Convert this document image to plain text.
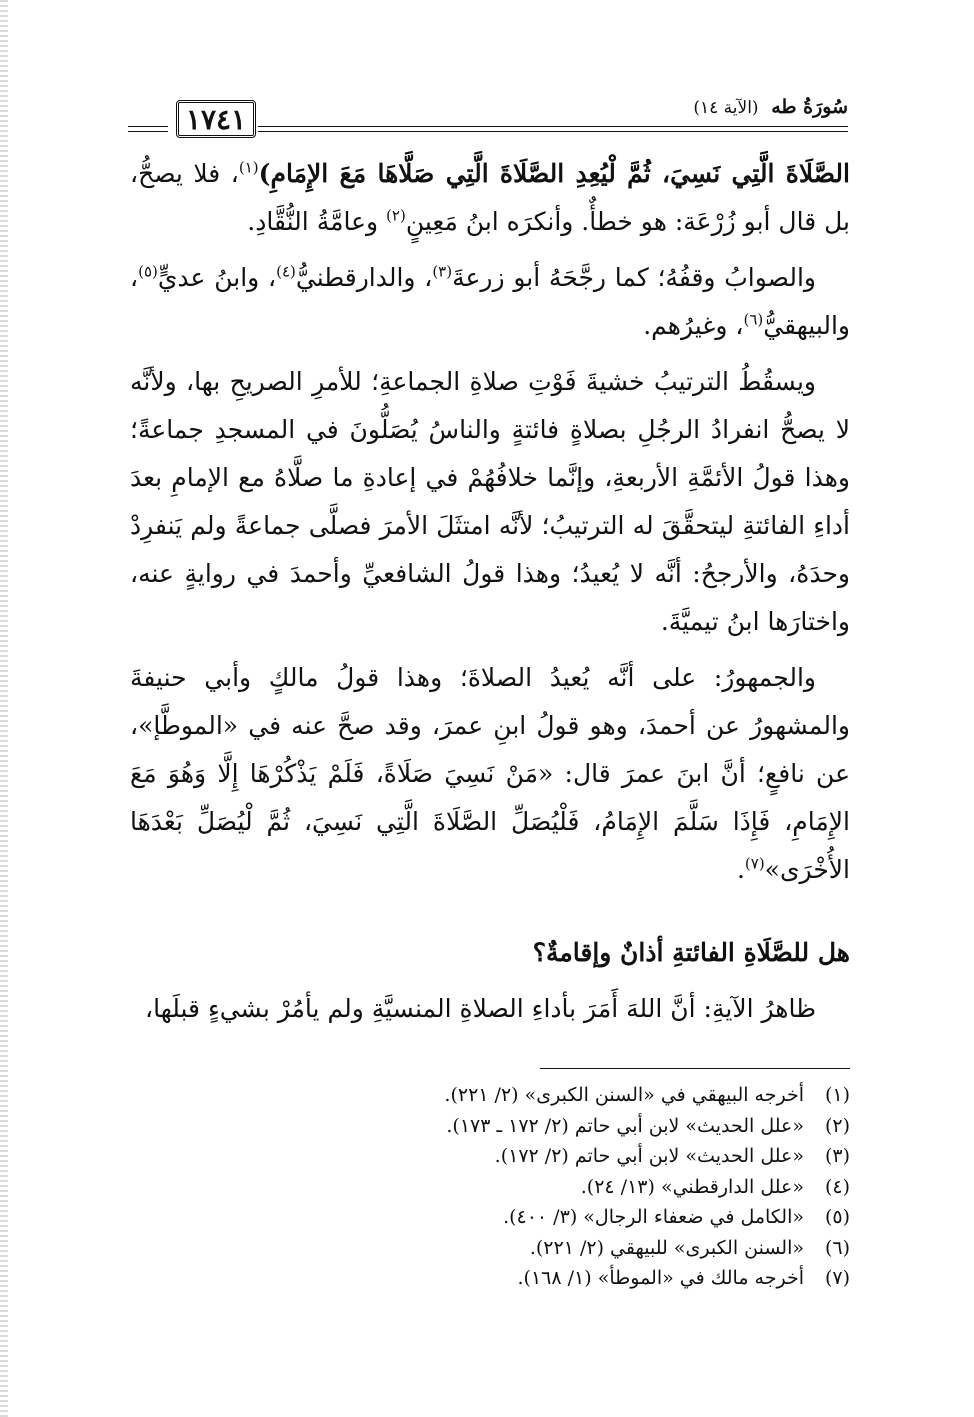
١٧٤١	سُورَةُ طه (الآية ١٤)

الصَّلَاةَ الَّتِي نَسِيَ، ثُمَّ لْيُعِدِ الصَّلَاةَ الَّتِي صَلَّاهَا مَعَ الإِمَامِ)$^{(١)}$، فلا يصحُّ، بل قال أبو زُرْعَة: هو خطأٌ. وأنكرَه ابنُ مَعِينٍ$^{(٢)}$ وعامَّةُ النُّقَّادِ.

والصوابُ وقفُهُ؛ كما رجَّحَهُ أبو زرعةَ$^{(٣)}$، والدارقطنيُّ$^{(٤)}$، وابنُ عديٍّ$^{(٥)}$، والبيهقيُّ$^{(٦)}$، وغيرُهم.

ويسقُطُ الترتيبُ خشيةَ فَوْتِ صلاةِ الجماعةِ؛ للأمرِ الصريحِ بها، ولأنَّه لا يصحُّ انفرادُ الرجُلِ بصلاةٍ فائتةٍ والناسُ يُصَلُّونَ في المسجدِ جماعةً؛ وهذا قولُ الأئمَّةِ الأربعةِ، وإنَّما خلافُهُمْ في إعادةِ ما صلَّاهُ مع الإمامِ بعدَ أداءِ الفائتةِ ليتحقَّقَ له الترتيبُ؛ لأنَّه امتثَلَ الأمرَ فصلَّى جماعةً ولم يَنفرِدْ وحدَهُ، والأرجحُ: أنَّه لا يُعيدُ؛ وهذا قولُ الشافعيِّ وأحمدَ في روايةٍ عنه، واختارَها ابنُ تيميَّةَ.

والجمهورُ: على أنَّه يُعيدُ الصلاةَ؛ وهذا قولُ مالكٍ وأبي حنيفةَ والمشهورُ عن أحمدَ، وهو قولُ ابنِ عمرَ، وقد صحَّ عنه في «الموطَّإ»، عن نافعٍ؛ أنَّ ابنَ عمرَ قال: «مَنْ نَسِيَ صَلَاةً، فَلَمْ يَذْكُرْهَا إِلَّا وَهُوَ مَعَ الإِمَامِ، فَإِذَا سَلَّمَ الإِمَامُ، فَلْيُصَلِّ الصَّلَاةَ الَّتِي نَسِيَ، ثُمَّ لْيُصَلِّ بَعْدَهَا الأُخْرَى»$^{(٧)}$.

هل للصَّلَاةِ الفائتةِ أذانٌ وإقامةٌ؟
ظاهرُ الآيةِ: أنَّ اللهَ أَمَرَ بأداءِ الصلاةِ المنسيَّةِ ولم يأمُرْ بشيءٍ قبلَها،
(١)أخرجه البيهقي في «السنن الكبرى» (٢/ ٢٢١).
(٢)«علل الحديث» لابن أبي حاتم (٢/ ١٧٢ ـ ١٧٣).
(٣)«علل الحديث» لابن أبي حاتم (٢/ ١٧٢).
(٤)«علل الدارقطني» (١٣/ ٢٤).
(٥)«الكامل في ضعفاء الرجال» (٣/ ٤٠٠).
(٦)«السنن الكبرى» للبيهقي (٢/ ٢٢١).
(٧)أخرجه مالك في «الموطأ» (١/ ١٦٨).
